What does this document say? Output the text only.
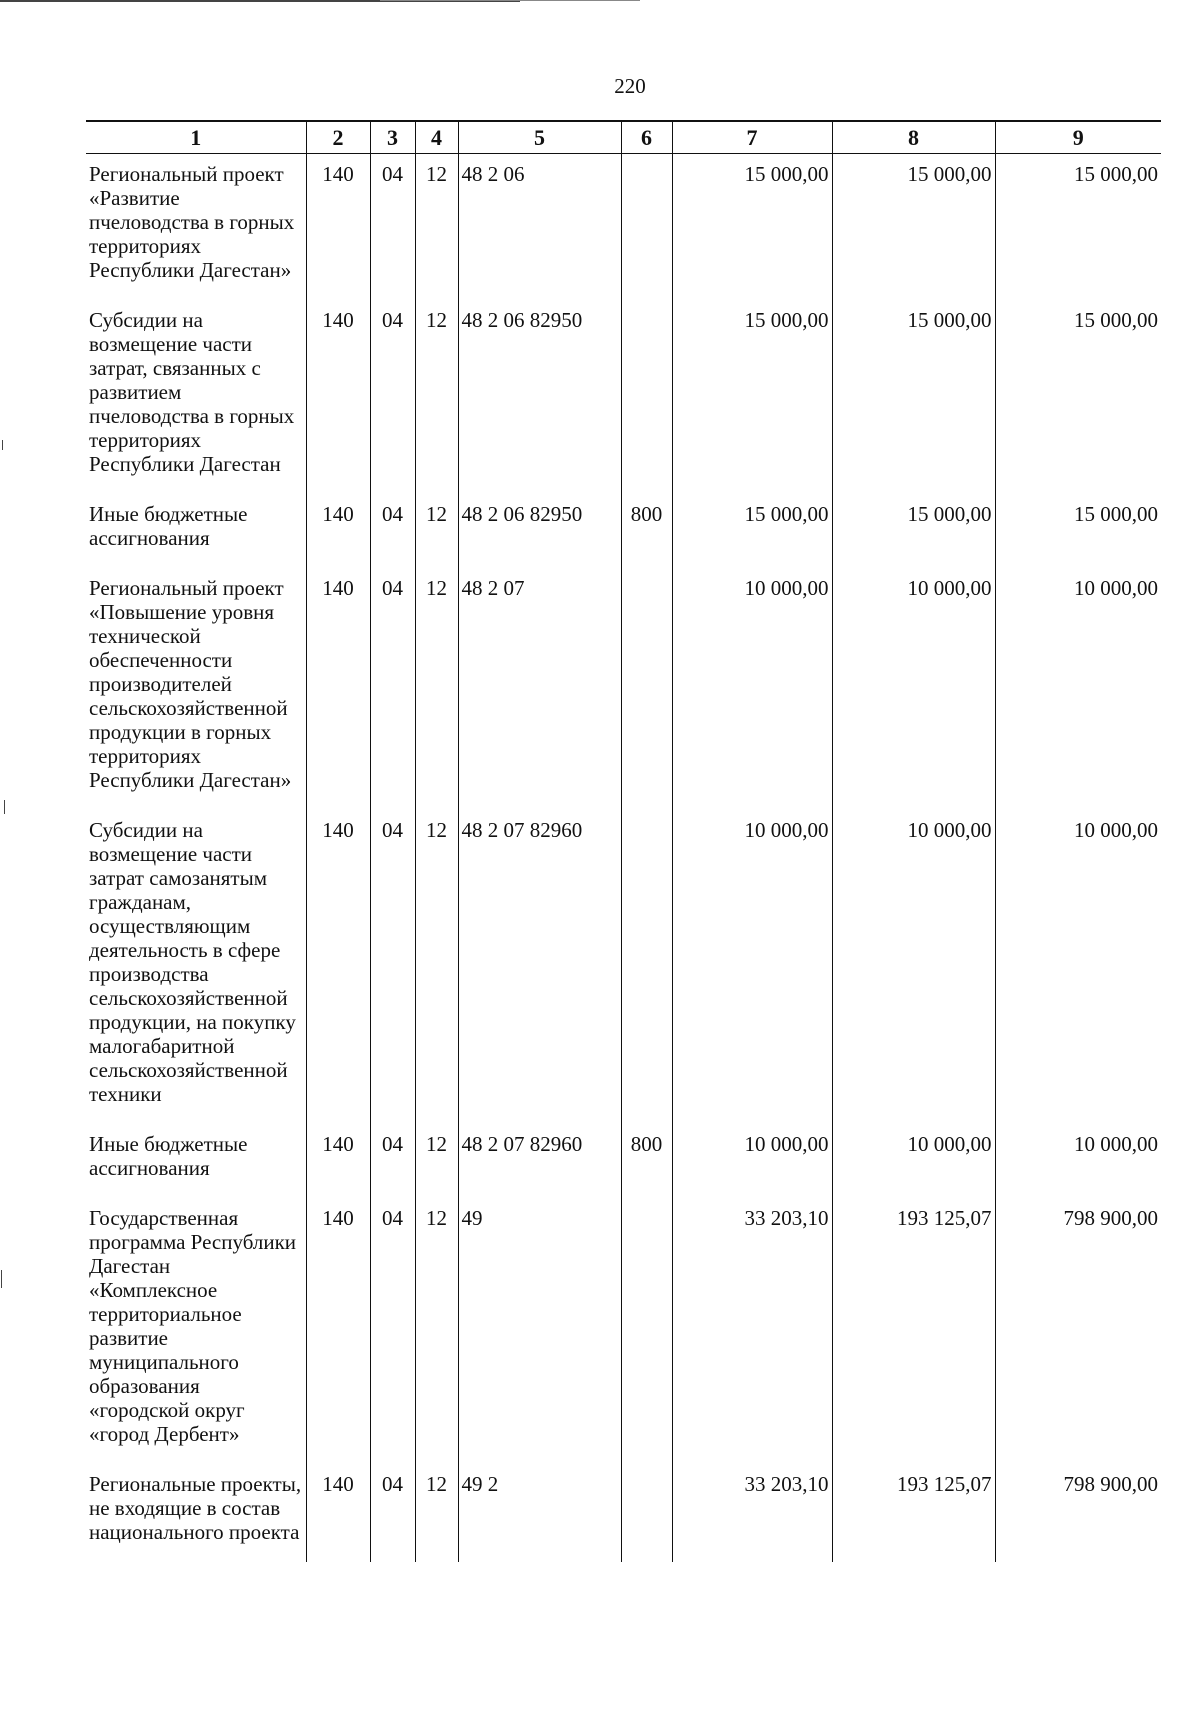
220
1	2	3	4	5	6	7	8	9
Региональный проект «Развитие пчеловодства в горных территориях Республики Дагестан»	140	04	12	48 2 06		15 000,00	15 000,00	15 000,00
Субсидии на возмещение части затрат, связанных с развитием пчеловодства в горных территориях Республики Дагестан	140	04	12	48 2 06 82950		15 000,00	15 000,00	15 000,00
Иные бюджетные ассигнования	140	04	12	48 2 06 82950	800	15 000,00	15 000,00	15 000,00
Региональный проект «Повышение уровня технической обеспеченности производителей сельскохозяйственной продукции в горных территориях Республики Дагестан»	140	04	12	48 2 07		10 000,00	10 000,00	10 000,00
Субсидии на возмещение части затрат самозанятым гражданам, осуществляющим деятельность в сфере производства сельскохозяйственной продукции, на покупку малогабаритной сельскохозяйственной техники	140	04	12	48 2 07 82960		10 000,00	10 000,00	10 000,00
Иные бюджетные ассигнования	140	04	12	48 2 07 82960	800	10 000,00	10 000,00	10 000,00
Государственная программа Республики Дагестан «Комплексное территориальное развитие муниципального образования «городской округ «город Дербент»	140	04	12	49		33 203,10	193 125,07	798 900,00
Региональные проекты, не входящие в состав национального проекта	140	04	12	49 2		33 203,10	193 125,07	798 900,00
